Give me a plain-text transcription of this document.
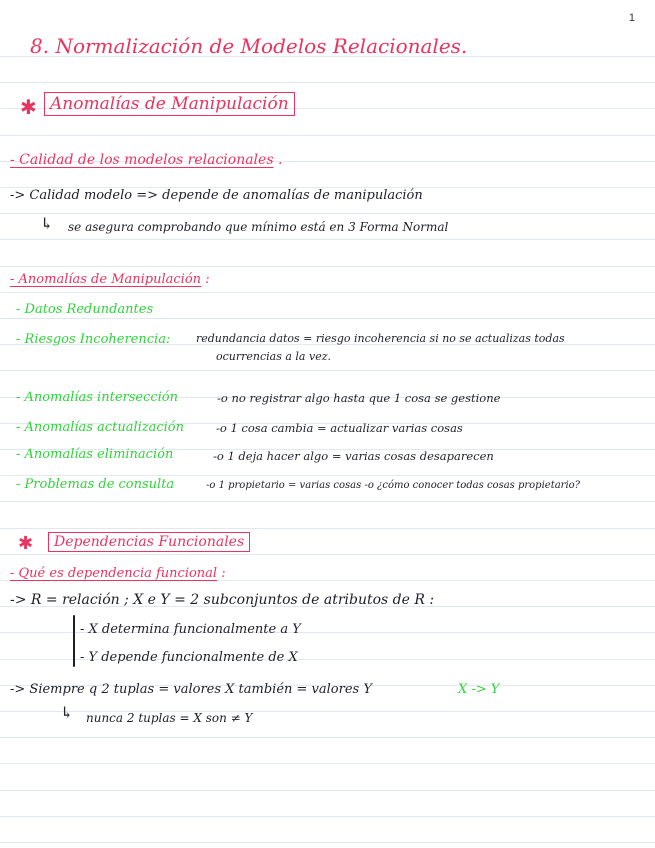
1
8. Normalización de Modelos Relacionales.
✱ Anomalías de Manipulación
- Calidad de los modelos relacionales .
-> Calidad modelo => depende de anomalías de manipulación
↳ se asegura comprobando que mínimo está en 3 Forma Normal
- Anomalías de Manipulación :
- Datos Redundantes
- Riesgos Incoherencia: redundancia datos = riesgo incoherencia si no se actualizas todas
ocurrencias a la vez.
- Anomalías intersección	-o no registrar algo hasta que 1 cosa se gestione
- Anomalías actualización	-o 1 cosa cambia = actualizar varias cosas
- Anomalías eliminación	-o 1 deja hacer algo = varias cosas desaparecen
- Problemas de consulta	-o 1 propietario = varias cosas -o ¿cómo conocer todas cosas propietario?
✱	Dependencias Funcionales
- Qué es dependencia funcional :
-> R = relación ; X e Y = 2 subconjuntos de atributos de R :
- X determina funcionalmente a Y
- Y depende funcionalmente de X
-> Siempre q 2 tuplas = valores X también = valores Y	X -> Y
↳ nunca 2 tuplas = X son ≠ Y
